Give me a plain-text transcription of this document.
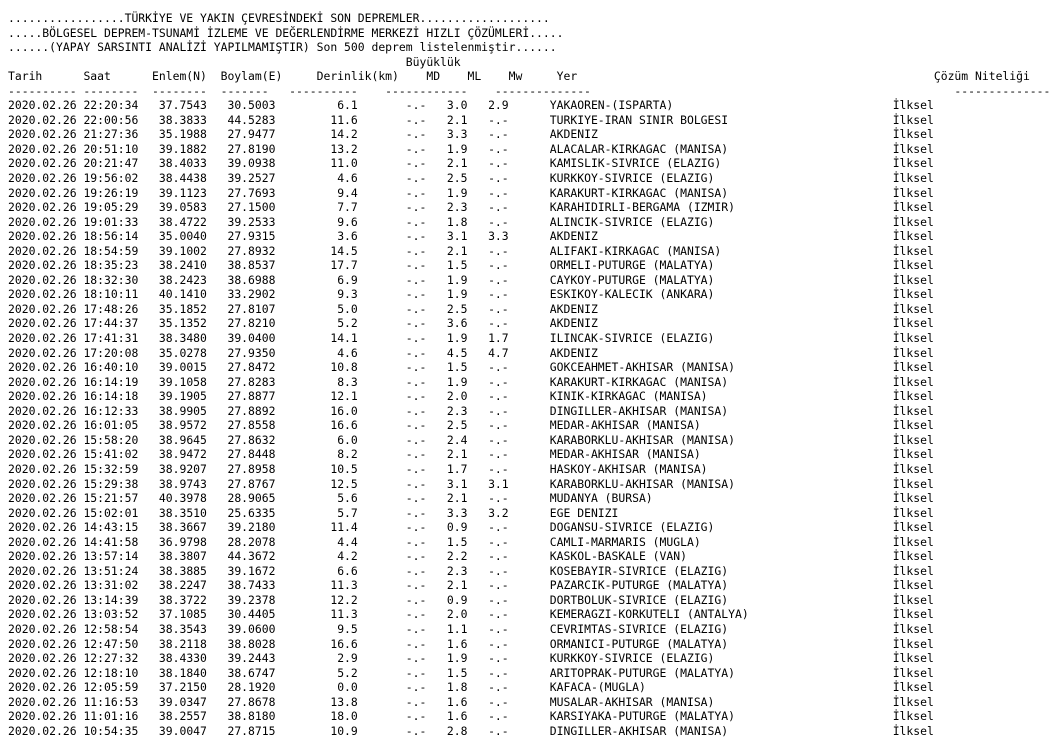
.................TÜRKİYE VE YAKIN ÇEVRESİNDEKİ SON DEPREMLER...................
.....BÖLGESEL DEPREM-TSUNAMİ İZLEME VE DEĞERLENDİRME MERKEZİ HIZLI ÇÖZÜMLERİ.....
......(YAPAY SARSINTI ANALİZİ YAPILMAMIŞTIR) Son 500 deprem listelenmiştir......
Büyüklük
Tarih      Saat      Enlem(N)  Boylam(E)     Derinlik(km)    MD    ML    Mw     Yer                                                    Çözüm Niteliği
---------- --------  --------  -------   ----------    ------------    --------------                                                     --------------
2020.02.26 22:20:34   37.7543   30.5003         6.1       -.-   3.0   2.9      YAKAOREN-(ISPARTA)                                İlksel
2020.02.26 22:00:56   38.3833   44.5283        11.6       -.-   2.1   -.-      TURKIYE-IRAN SINIR BOLGESI                        İlksel
2020.02.26 21:27:36   35.1988   27.9477        14.2       -.-   3.3   -.-      AKDENIZ                                           İlksel
2020.02.26 20:51:10   39.1882   27.8190        13.2       -.-   1.9   -.-      ALACALAR-KIRKAGAC (MANISA)                        İlksel
2020.02.26 20:21:47   38.4033   39.0938        11.0       -.-   2.1   -.-      KAMISLIK-SIVRICE (ELAZIG)                         İlksel
2020.02.26 19:56:02   38.4438   39.2527         4.6       -.-   2.5   -.-      KURKKOY-SIVRICE (ELAZIG)                          İlksel
2020.02.26 19:26:19   39.1123   27.7693         9.4       -.-   1.9   -.-      KARAKURT-KIRKAGAC (MANISA)                        İlksel
2020.02.26 19:05:29   39.0583   27.1500         7.7       -.-   2.3   -.-      KARAHIDIRLI-BERGAMA (IZMIR)                       İlksel
2020.02.26 19:01:33   38.4722   39.2533         9.6       -.-   1.8   -.-      ALINCIK-SIVRICE (ELAZIG)                          İlksel
2020.02.26 18:56:14   35.0040   27.9315         3.6       -.-   3.1   3.3      AKDENIZ                                           İlksel
2020.02.26 18:54:59   39.1002   27.8932        14.5       -.-   2.1   -.-      ALIFAKI-KIRKAGAC (MANISA)                         İlksel
2020.02.26 18:35:23   38.2410   38.8537        17.7       -.-   1.5   -.-      ORMELI-PUTURGE (MALATYA)                          İlksel
2020.02.26 18:32:30   38.2423   38.6988         6.9       -.-   1.9   -.-      CAYKOY-PUTURGE (MALATYA)                          İlksel
2020.02.26 18:10:11   40.1410   33.2902         9.3       -.-   1.9   -.-      ESKIKOY-KALECIK (ANKARA)                          İlksel
2020.02.26 17:48:26   35.1852   27.8107         5.0       -.-   2.5   -.-      AKDENIZ                                           İlksel
2020.02.26 17:44:37   35.1352   27.8210         5.2       -.-   3.6   -.-      AKDENIZ                                           İlksel
2020.02.26 17:41:31   38.3480   39.0400        14.1       -.-   1.9   1.7      ILINCAK-SIVRICE (ELAZIG)                          İlksel
2020.02.26 17:20:08   35.0278   27.9350         4.6       -.-   4.5   4.7      AKDENIZ                                           İlksel
2020.02.26 16:40:10   39.0015   27.8472        10.8       -.-   1.5   -.-      GOKCEAHMET-AKHISAR (MANISA)                       İlksel
2020.02.26 16:14:19   39.1058   27.8283         8.3       -.-   1.9   -.-      KARAKURT-KIRKAGAC (MANISA)                        İlksel
2020.02.26 16:14:18   39.1905   27.8877        12.1       -.-   2.0   -.-      KINIK-KIRKAGAC (MANISA)                           İlksel
2020.02.26 16:12:33   38.9905   27.8892        16.0       -.-   2.3   -.-      DINGILLER-AKHISAR (MANISA)                        İlksel
2020.02.26 16:01:05   38.9572   27.8558        16.6       -.-   2.5   -.-      MEDAR-AKHISAR (MANISA)                            İlksel
2020.02.26 15:58:20   38.9645   27.8632         6.0       -.-   2.4   -.-      KARABORKLU-AKHISAR (MANISA)                       İlksel
2020.02.26 15:41:02   38.9472   27.8448         8.2       -.-   2.1   -.-      MEDAR-AKHISAR (MANISA)                            İlksel
2020.02.26 15:32:59   38.9207   27.8958        10.5       -.-   1.7   -.-      HASKOY-AKHISAR (MANISA)                           İlksel
2020.02.26 15:29:38   38.9743   27.8767        12.5       -.-   3.1   3.1      KARABORKLU-AKHISAR (MANISA)                       İlksel
2020.02.26 15:21:57   40.3978   28.9065         5.6       -.-   2.1   -.-      MUDANYA (BURSA)                                   İlksel
2020.02.26 15:02:01   38.3510   25.6335         5.7       -.-   3.3   3.2      EGE DENIZI                                        İlksel
2020.02.26 14:43:15   38.3667   39.2180        11.4       -.-   0.9   -.-      DOGANSU-SIVRICE (ELAZIG)                          İlksel
2020.02.26 14:41:58   36.9798   28.2078         4.4       -.-   1.5   -.-      CAMLI-MARMARIS (MUGLA)                            İlksel
2020.02.26 13:57:14   38.3807   44.3672         4.2       -.-   2.2   -.-      KASKOL-BASKALE (VAN)                              İlksel
2020.02.26 13:51:24   38.3885   39.1672         6.6       -.-   2.3   -.-      KOSEBAYIR-SIVRICE (ELAZIG)                        İlksel
2020.02.26 13:31:02   38.2247   38.7433        11.3       -.-   2.1   -.-      PAZARCIK-PUTURGE (MALATYA)                        İlksel
2020.02.26 13:14:39   38.3722   39.2378        12.2       -.-   0.9   -.-      DORTBOLUK-SIVRICE (ELAZIG)                        İlksel
2020.02.26 13:03:52   37.1085   30.4405        11.3       -.-   2.0   -.-      KEMERAGZI-KORKUTELI (ANTALYA)                     İlksel
2020.02.26 12:58:54   38.3543   39.0600         9.5       -.-   1.1   -.-      CEVRIMTAS-SIVRICE (ELAZIG)                        İlksel
2020.02.26 12:47:50   38.2118   38.8028        16.6       -.-   1.6   -.-      ORMANICI-PUTURGE (MALATYA)                        İlksel
2020.02.26 12:27:32   38.4330   39.2443         2.9       -.-   1.9   -.-      KURKKOY-SIVRICE (ELAZIG)                          İlksel
2020.02.26 12:18:10   38.1840   38.6747         5.2       -.-   1.5   -.-      ARITOPRAK-PUTURGE (MALATYA)                       İlksel
2020.02.26 12:05:59   37.2150   28.1920         0.0       -.-   1.8   -.-      KAFACA-(MUGLA)                                    İlksel
2020.02.26 11:16:53   39.0347   27.8678        13.8       -.-   1.6   -.-      MUSALAR-AKHISAR (MANISA)                          İlksel
2020.02.26 11:01:16   38.2557   38.8180        18.0       -.-   1.6   -.-      KARSIYAKA-PUTURGE (MALATYA)                       İlksel
2020.02.26 10:54:35   39.0047   27.8715        10.9       -.-   2.8   -.-      DINGILLER-AKHISAR (MANISA)                        İlksel
